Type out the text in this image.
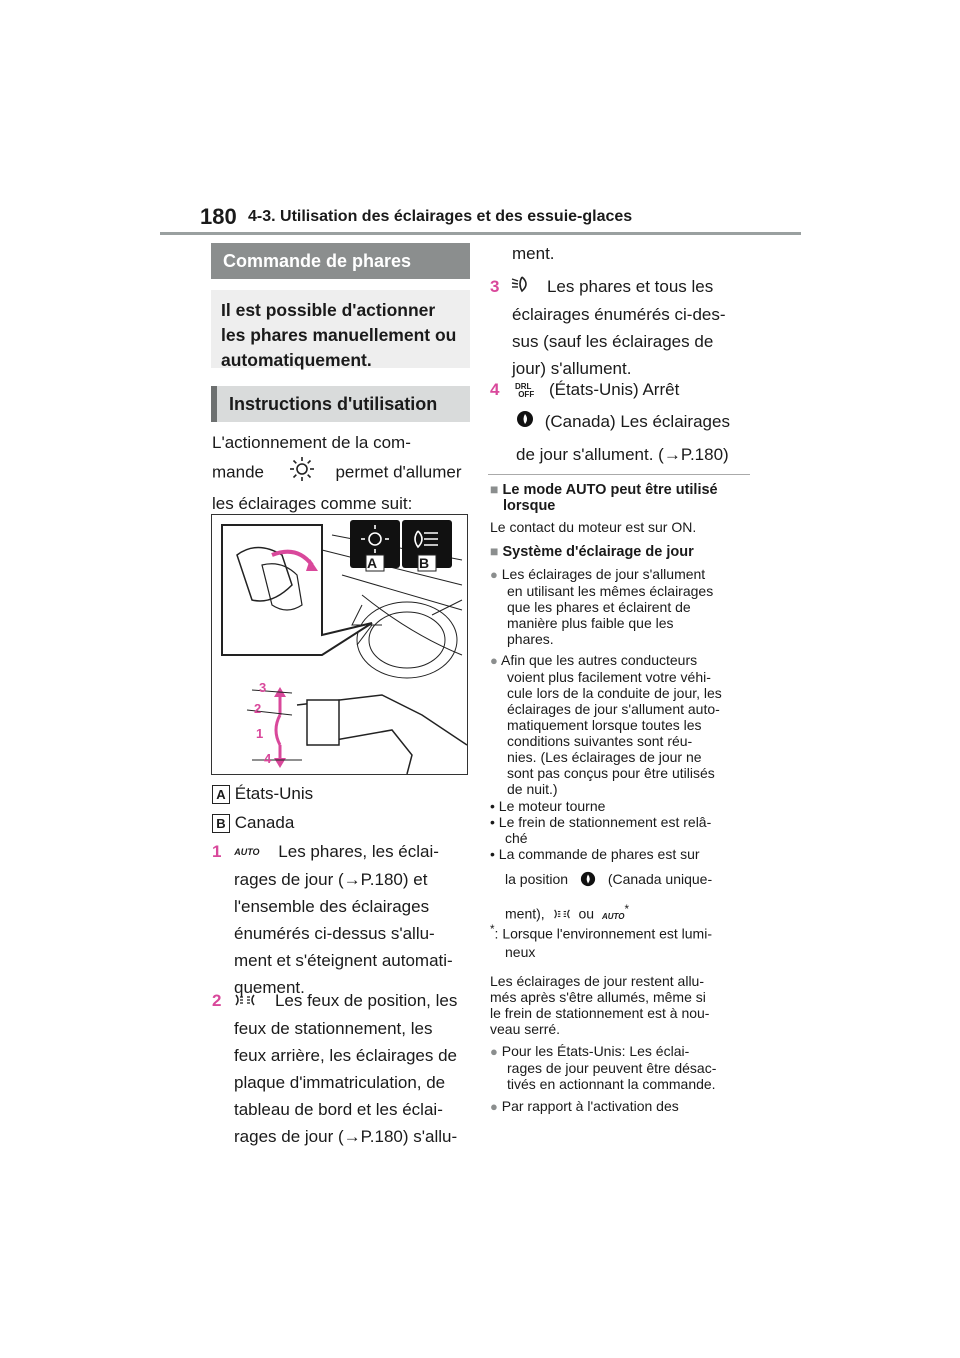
180 4-3. Utilisation des éclairages et des essuie-glaces
Commande de phares
Il est possible d'actionner les phares manuellement ou automatiquement.
Instructions d'utilisation
L'actionnement de la com-
mande	permet d'allumer
les éclairages comme suit:
A	B
3
2
1
4
A États-Unis
B Canada
1 AUTO Les phares, les éclai-
rages de jour (→P.180) et
l'ensemble des éclairages
énumérés ci-dessus s'allu-
ment et s'éteignent automati-
quement.
2	Les feux de position, les
feux de stationnement, les
feux arrière, les éclairages de
plaque d'immatriculation, de
tableau de bord et les éclai-
rages de jour (→P.180) s'allu-
ment.
3	Les phares et tous les
éclairages énumérés ci-des-
sus (sauf les éclairages de
jour) s'allument.
4	DRL
OFF (États-Unis) Arrêt
(Canada) Les éclairages
de jour s'allument. (→P.180)
■ Le mode AUTO peut être utilisé
lorsque
Le contact du moteur est sur ON.
■ Système d'éclairage de jour
● Les éclairages de jour s'allument
en utilisant les mêmes éclairages
que les phares et éclairent de
manière plus faible que les
phares.
● Afin que les autres conducteurs
voient plus facilement votre véhi-
cule lors de la conduite de jour, les
éclairages de jour s'allument auto-
matiquement lorsque toutes les
conditions suivantes sont réu-
nies. (Les éclairages de jour ne
sont pas conçus pour être utilisés
de nuit.)
• Le moteur tourne
• Le frein de stationnement est relâ-
ché
• La commande de phares est sur
la position	(Canada unique-
ment), ou AUTO*
*: Lorsque l'environnement est lumi-
neux
Les éclairages de jour restent allu-
més après s'être allumés, même si
le frein de stationnement est à nou-
veau serré.
● Pour les États-Unis: Les éclai-
rages de jour peuvent être désac-
tivés en actionnant la commande.
● Par rapport à l'activation des
